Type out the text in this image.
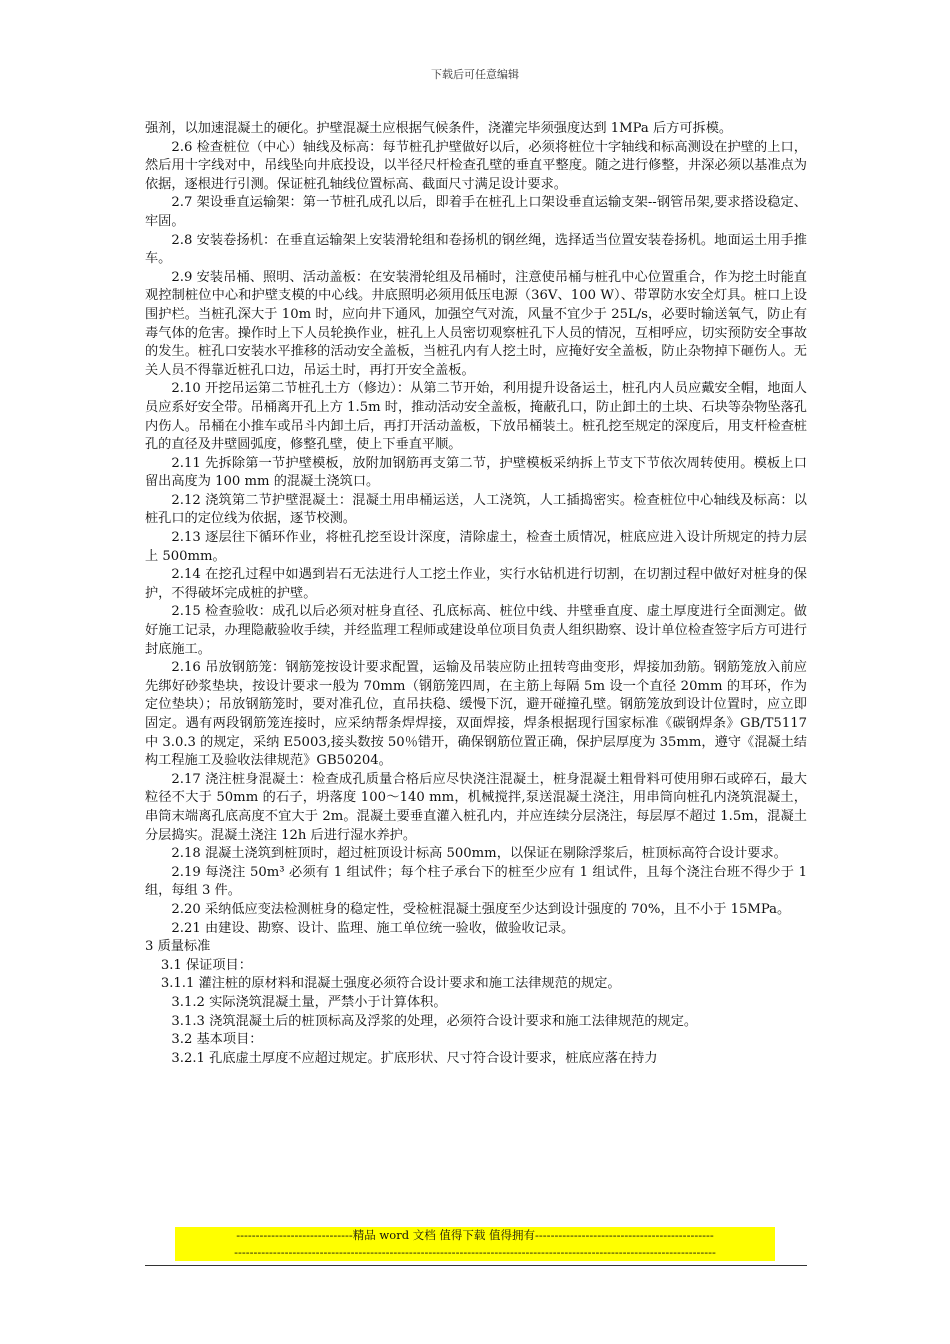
下载后可任意编辑

强剂，以加速混凝土的硬化。护壁混凝土应根据气候条件，浇灌完毕须强度达到 1MPa 后方可拆模。

2.6 检查桩位（中心）轴线及标高：每节桩孔护壁做好以后，必须将桩位十字轴线和标高测设在护壁的上口，然后用十字线对中，吊线坠向井底投设，以半径尺杆检查孔壁的垂直平整度。随之进行修整，井深必须以基准点为依据，逐根进行引测。保证桩孔轴线位置标高、截面尺寸满足设计要求。

2.7 架设垂直运输架：第一节桩孔成孔以后，即着手在桩孔上口架设垂直运输支架--钢管吊架,要求搭设稳定、牢固。

2.8 安装卷扬机：在垂直运输架上安装滑轮组和卷扬机的钢丝绳，选择适当位置安装卷扬机。地面运土用手推车。

2.9 安装吊桶、照明、活动盖板：在安装滑轮组及吊桶时，注意使吊桶与桩孔中心位置重合，作为挖土时能直观控制桩位中心和护壁支模的中心线。井底照明必须用低压电源（36V、100 W）、带罩防水安全灯具。桩口上设围护栏。当桩孔深大于 10m 时，应向井下通风，加强空气对流，风量不宜少于 25L/s，必要时输送氧气，防止有毒气体的危害。操作时上下人员轮换作业，桩孔上人员密切观察桩孔下人员的情况，互相呼应，切实预防安全事故的发生。桩孔口安装水平推移的活动安全盖板，当桩孔内有人挖土时，应掩好安全盖板，防止杂物掉下砸伤人。无关人员不得靠近桩孔口边，吊运土时，再打开安全盖板。

2.10 开挖吊运第二节桩孔土方（修边）：从第二节开始，利用提升设备运土，桩孔内人员应戴安全帽，地面人员应系好安全带。吊桶离开孔上方 1.5m 时，推动活动安全盖板，掩蔽孔口，防止卸土的土块、石块等杂物坠落孔内伤人。吊桶在小推车或吊斗内卸土后，再打开活动盖板，下放吊桶装土。桩孔挖至规定的深度后，用支杆检查桩孔的直径及井壁圆弧度，修整孔壁，使上下垂直平顺。

2.11 先拆除第一节护壁模板，放附加钢筋再支第二节，护壁模板采纳拆上节支下节依次周转使用。模板上口留出高度为 100 mm 的混凝土浇筑口。

2.12 浇筑第二节护壁混凝土：混凝土用串桶运送，人工浇筑，人工插捣密实。检查桩位中心轴线及标高：以桩孔口的定位线为依据，逐节校测。

2.13 逐层往下循环作业，将桩孔挖至设计深度，清除虚土，检查土质情况，桩底应进入设计所规定的持力层上 500mm。

2.14 在挖孔过程中如遇到岩石无法进行人工挖土作业，实行水钻机进行切割，在切割过程中做好对桩身的保护，不得破坏完成桩的护壁。

2.15 检查验收：成孔以后必须对桩身直径、孔底标高、桩位中线、井壁垂直度、虚土厚度进行全面测定。做好施工记录，办理隐蔽验收手续，并经监理工程师或建设单位项目负责人组织勘察、设计单位检查签字后方可进行封底施工。

2.16 吊放钢筋笼：钢筋笼按设计要求配置，运输及吊装应防止扭转弯曲变形，焊接加劲筋。钢筋笼放入前应先绑好砂浆垫块，按设计要求一般为 70mm（钢筋笼四周，在主筋上每隔 5m 设一个直径 20mm 的耳环，作为定位垫块）；吊放钢筋笼时，要对准孔位，直吊扶稳、缓慢下沉，避开碰撞孔壁。钢筋笼放到设计位置时，应立即固定。遇有两段钢筋笼连接时，应采纳帮条焊焊接，双面焊接，焊条根据现行国家标准《碳钢焊条》GB/T5117 中 3.0.3 的规定，采纳 E5003,接头数按 50％错开，确保钢筋位置正确，保护层厚度为 35mm，遵守《混凝土结构工程施工及验收法律规范》GB50204。

2.17 浇注桩身混凝土：检查成孔质量合格后应尽快浇注混凝土，桩身混凝土粗骨料可使用卵石或碎石，最大粒径不大于 50mm 的石子，坍落度 100～140 mm，机械搅拌,泵送混凝土浇注，用串筒向桩孔内浇筑混凝土，串筒末端离孔底高度不宜大于 2m。混凝土要垂直灌入桩孔内，并应连续分层浇注，每层厚不超过 1.5m，混凝土分层捣实。混凝土浇注 12h 后进行湿水养护。

2.18 混凝土浇筑到桩顶时，超过桩顶设计标高 500mm，以保证在剔除浮浆后，桩顶标高符合设计要求。

2.19 每浇注 50m³ 必须有 1 组试件；每个柱子承台下的桩至少应有 1 组试件，且每个浇注台班不得少于 1 组，每组 3 件。

2.20 采纳低应变法检测桩身的稳定性，受检桩混凝土强度至少达到设计强度的 70%，且不小于 15MPa。

2.21 由建设、勘察、设计、监理、施工单位统一验收，做验收记录。

3 质量标准

3.1 保证项目：

3.1.1 灌注桩的原材料和混凝土强度必须符合设计要求和施工法律规范的规定。

3.1.2 实际浇筑混凝土量，严禁小于计算体积。

3.1.3 浇筑混凝土后的桩顶标高及浮浆的处理，必须符合设计要求和施工法律规范的规定。

3.2 基本项目：

3.2.1 孔底虚土厚度不应超过规定。扩底形状、尺寸符合设计要求，桩底应落在持力

------------------------------精品 word 文档 值得下载 值得拥有----------------------------------------------
----------------------------------------------------------------------------------------------------------------------------
